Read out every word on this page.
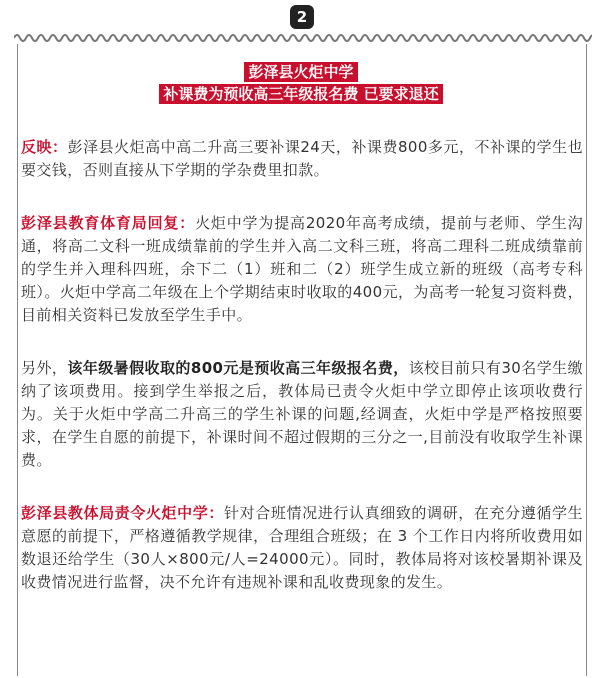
2
彭泽县火炬中学
补课费为预收高三年级报名费 已要求退还

反映：彭泽县火炬高中高二升高三要补课24天，补课费800多元，不补课的学生也要交钱，否则直接从下学期的学杂费里扣款。

彭泽县教育体育局回复：火炬中学为提高2020年高考成绩，提前与老师、学生沟通，将高二文科一班成绩靠前的学生并入高二文科三班，将高二理科二班成绩靠前的学生并入理科四班，余下二（1）班和二（2）班学生成立新的班级（高考专科班）。火炬中学高二年级在上个学期结束时收取的400元，为高考一轮复习资料费，目前相关资料已发放至学生手中。

另外，该年级暑假收取的800元是预收高三年级报名费，该校目前只有30名学生缴纳了该项费用。接到学生举报之后，教体局已责令火炬中学立即停止该项收费行为。关于火炬中学高二升高三的学生补课的问题,经调查，火炬中学是严格按照要求，在学生自愿的前提下，补课时间不超过假期的三分之一,目前没有收取学生补课费。

彭泽县教体局责令火炬中学：针对合班情况进行认真细致的调研，在充分遵循学生意愿的前提下，严格遵循教学规律，合理组合班级；在 3 个工作日内将所收费用如数退还给学生（30人×800元/人=24000元）。同时，教体局将对该校暑期补课及收费情况进行监督，决不允许有违规补课和乱收费现象的发生。
